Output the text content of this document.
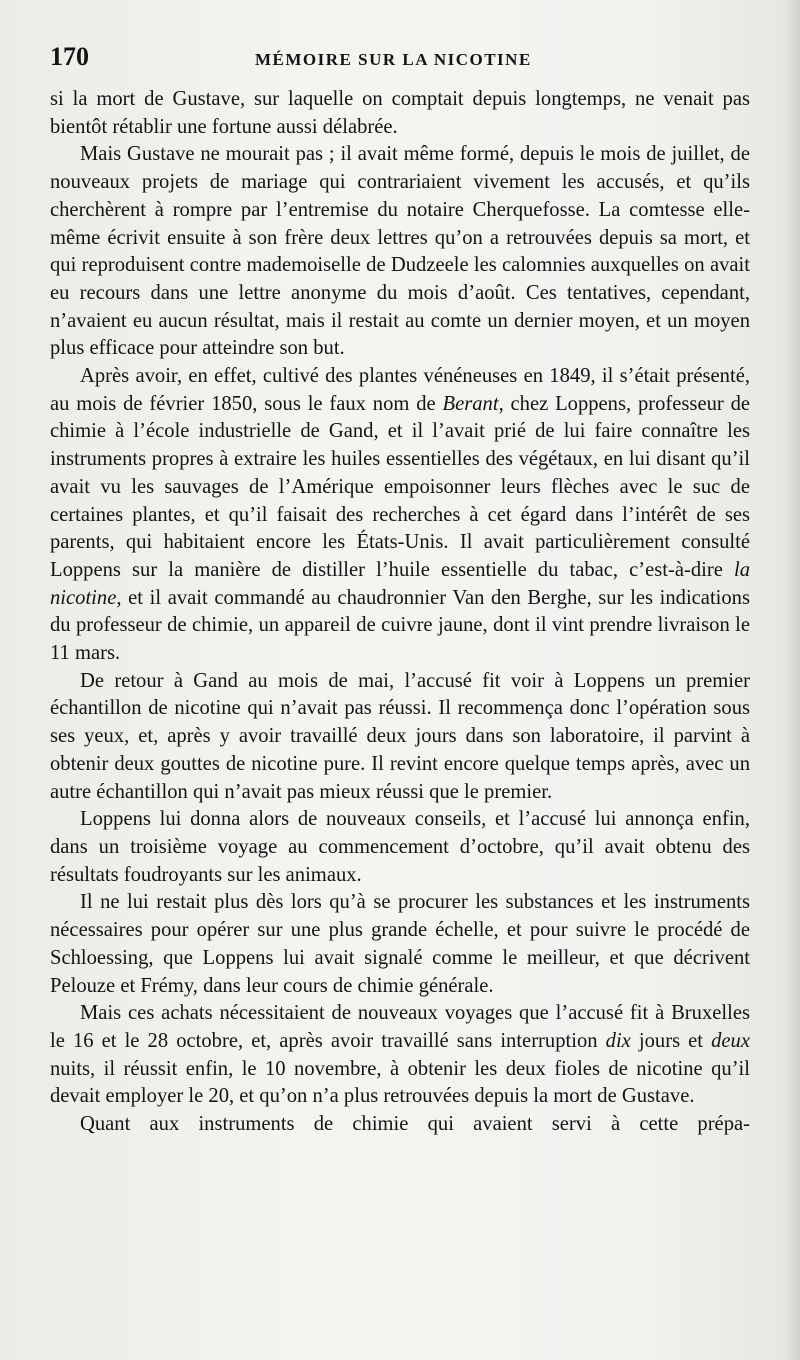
170	MÉMOIRE SUR LA NICOTINE

si la mort de Gustave, sur laquelle on comptait depuis longtemps, ne venait pas bientôt rétablir une fortune aussi délabrée.

Mais Gustave ne mourait pas ; il avait même formé, depuis le mois de juillet, de nouveaux projets de mariage qui contrariaient vivement les accusés, et qu’ils cherchèrent à rompre par l’entremise du notaire Cherquefosse. La comtesse elle-même écrivit ensuite à son frère deux lettres qu’on a retrouvées depuis sa mort, et qui reproduisent contre mademoiselle de Dudzeele les calomnies auxquelles on avait eu recours dans une lettre anonyme du mois d’août. Ces tentatives, cependant, n’avaient eu aucun résultat, mais il restait au comte un dernier moyen, et un moyen plus efficace pour atteindre son but.

Après avoir, en effet, cultivé des plantes vénéneuses en 1849, il s’était présenté, au mois de février 1850, sous le faux nom de Berant, chez Loppens, professeur de chimie à l’école industrielle de Gand, et il l’avait prié de lui faire connaître les instruments propres à extraire les huiles essentielles des végétaux, en lui disant qu’il avait vu les sauvages de l’Amérique empoisonner leurs flèches avec le suc de certaines plantes, et qu’il faisait des recherches à cet égard dans l’intérêt de ses parents, qui habitaient encore les États-Unis. Il avait particulièrement consulté Loppens sur la manière de distiller l’huile essentielle du tabac, c’est-à-dire la nicotine, et il avait commandé au chaudronnier Van den Berghe, sur les indications du professeur de chimie, un appareil de cuivre jaune, dont il vint prendre livraison le 11 mars.

De retour à Gand au mois de mai, l’accusé fit voir à Loppens un premier échantillon de nicotine qui n’avait pas réussi. Il recommença donc l’opération sous ses yeux, et, après y avoir travaillé deux jours dans son laboratoire, il parvint à obtenir deux gouttes de nicotine pure. Il revint encore quelque temps après, avec un autre échantillon qui n’avait pas mieux réussi que le premier.

Loppens lui donna alors de nouveaux conseils, et l’accusé lui annonça enfin, dans un troisième voyage au commencement d’octobre, qu’il avait obtenu des résultats foudroyants sur les animaux.

Il ne lui restait plus dès lors qu’à se procurer les substances et les instruments nécessaires pour opérer sur une plus grande échelle, et pour suivre le procédé de Schloessing, que Loppens lui avait signalé comme le meilleur, et que décrivent Pelouze et Frémy, dans leur cours de chimie générale.

Mais ces achats nécessitaient de nouveaux voyages que l’accusé fit à Bruxelles le 16 et le 28 octobre, et, après avoir travaillé sans interruption dix jours et deux nuits, il réussit enfin, le 10 novembre, à obtenir les deux fioles de nicotine qu’il devait employer le 20, et qu’on n’a plus retrouvées depuis la mort de Gustave.

Quant aux instruments de chimie qui avaient servi à cette prépa-
